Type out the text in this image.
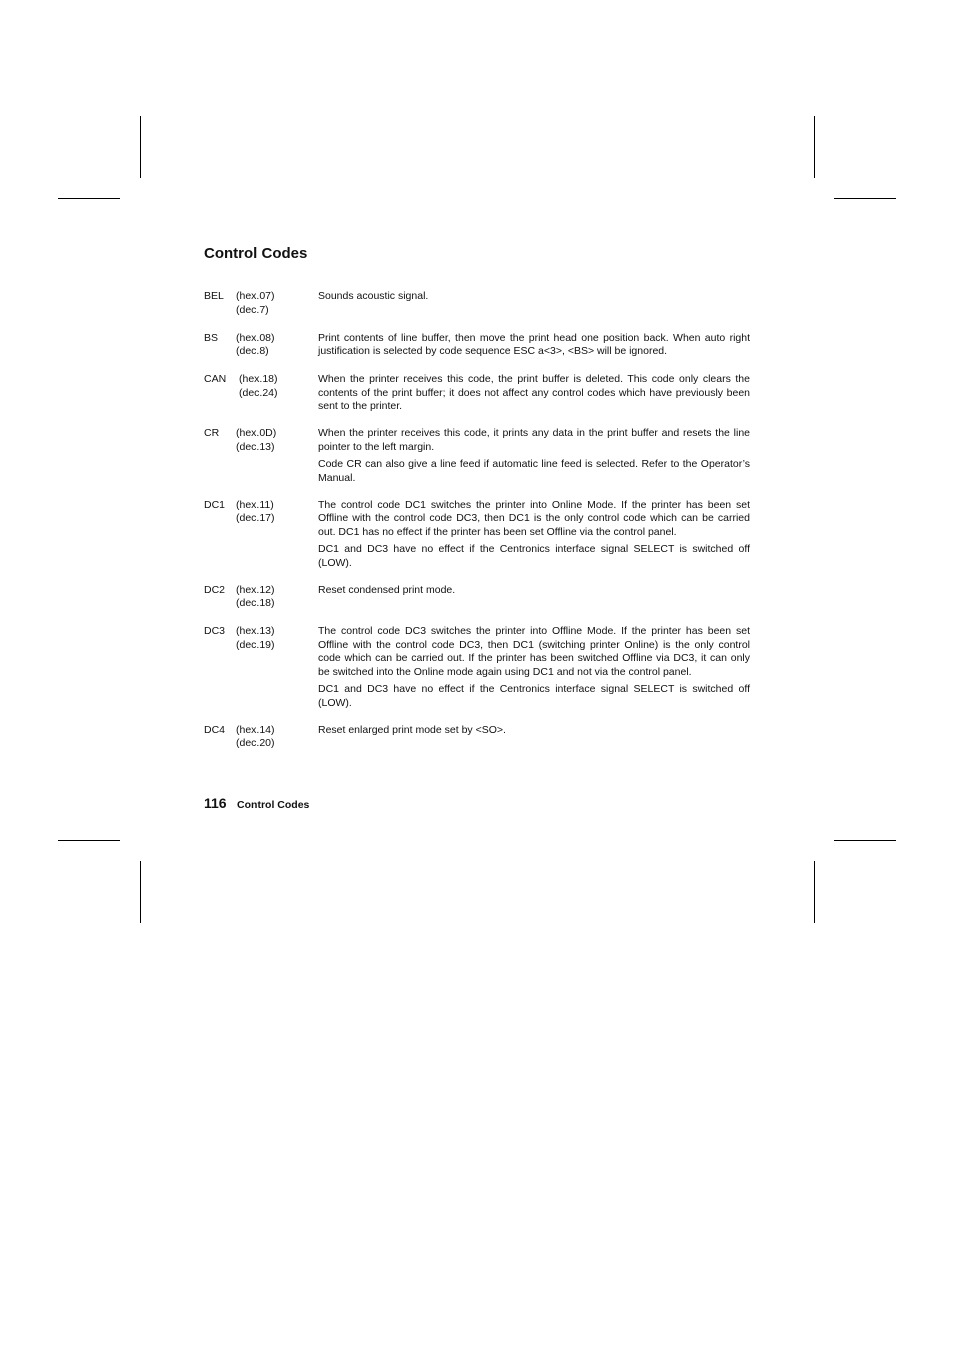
Control Codes
BEL (hex.07)
(dec.7)

Sounds acoustic signal.

BS (hex.08)
(dec.8)

Print contents of line buffer, then move the print head one position back. When auto right justification is selected by code sequence ESC a<3>, <BS> will be ignored.

CAN (hex.18)
(dec.24)

When the printer receives this code, the print buffer is deleted. This code only clears the contents of the print buffer; it does not affect any control codes which have previously been sent to the printer.

CR (hex.0D)
(dec.13)

When the printer receives this code, it prints any data in the print buffer and resets the line pointer to the left margin.

Code CR can also give a line feed if automatic line feed is selected. Refer to the Operator’s Manual.

DC1 (hex.11)
(dec.17)

The control code DC1 switches the printer into Online Mode. If the printer has been set Offline with the control code DC3, then DC1 is the only control code which can be carried out. DC1 has no effect if the printer has been set Offline via the control panel.

DC1 and DC3 have no effect if the Centronics interface signal SELECT is switched off (LOW).

DC2 (hex.12)
(dec.18)

Reset condensed print mode.

DC3 (hex.13)
(dec.19)

The control code DC3 switches the printer into Offline Mode. If the printer has been set Offline with the control code DC3, then DC1 (switching printer Online) is the only control code which can be carried out. If the printer has been switched Offline via DC3, it can only be switched into the Online mode again using DC1 and not via the control panel.

DC1 and DC3 have no effect if the Centronics interface signal SELECT is switched off (LOW).

DC4 (hex.14)
(dec.20)

Reset enlarged print mode set by <SO>.

116 Control Codes
